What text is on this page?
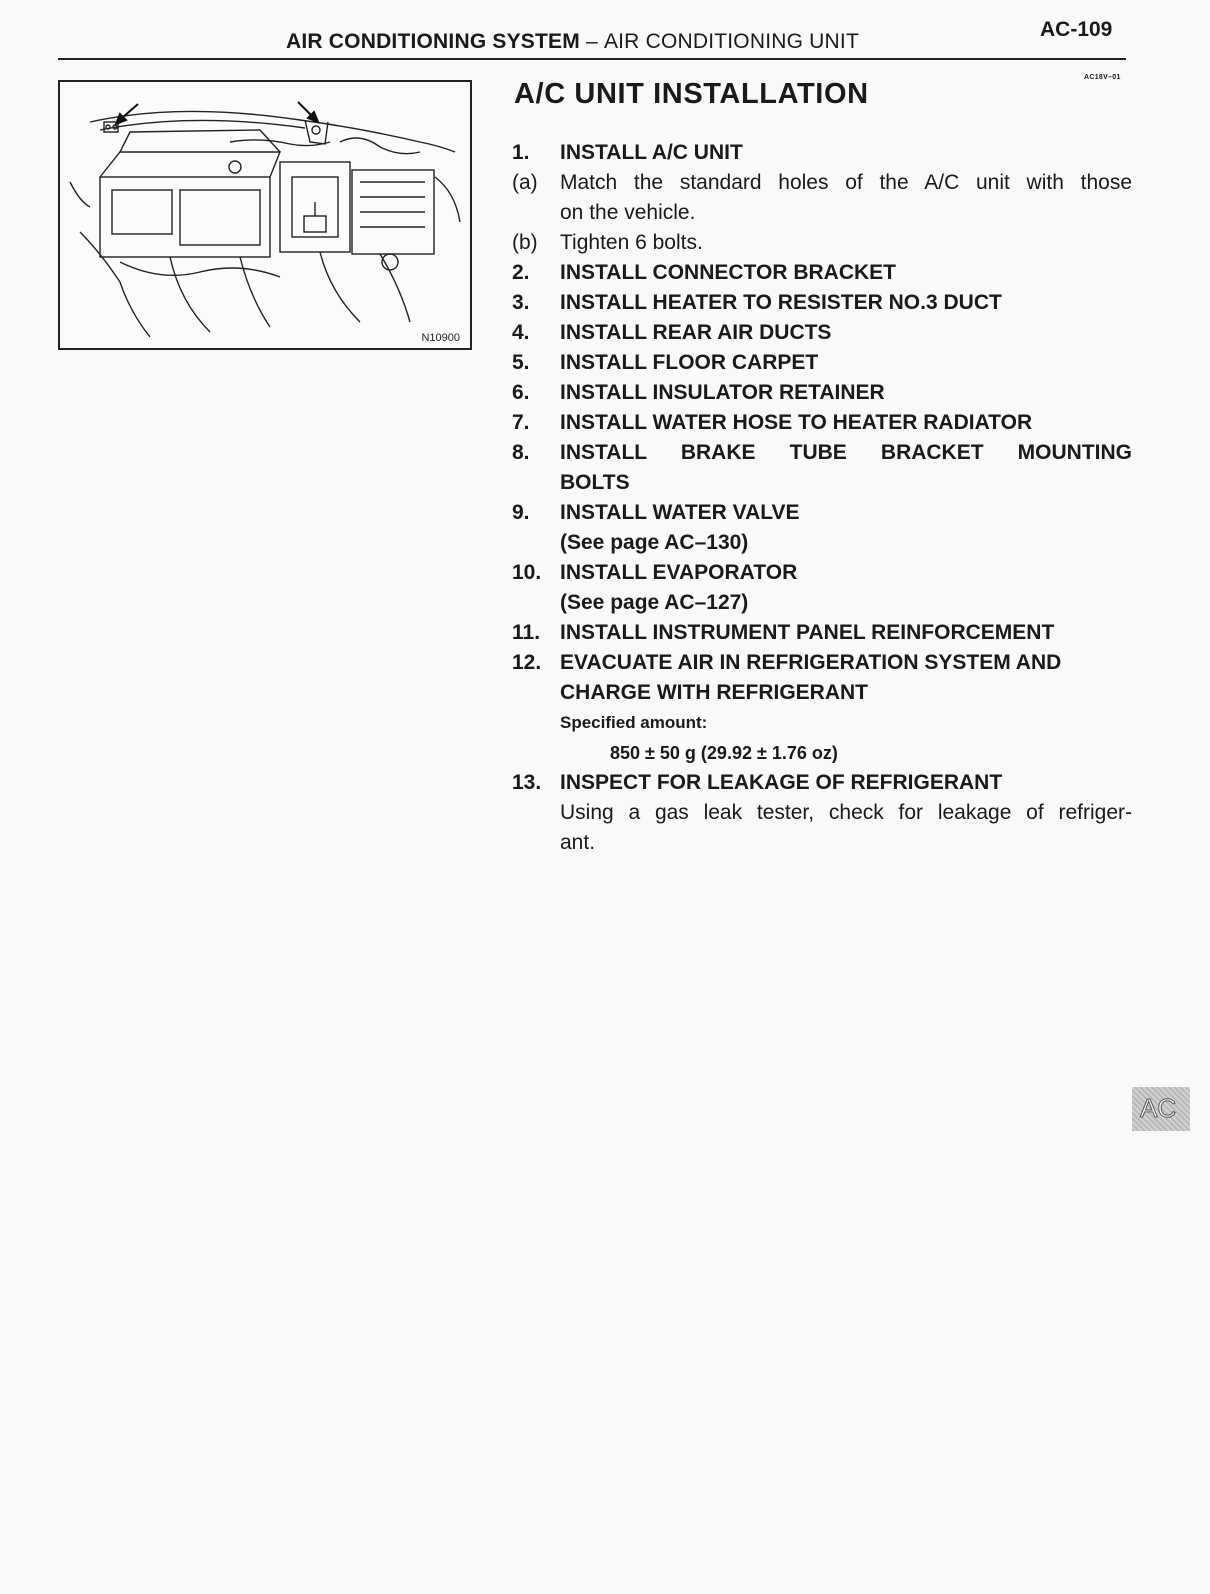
AIR CONDITIONING SYSTEM – AIR CONDITIONING UNIT
AC-109
N10900
AC18V–01
A/C UNIT INSTALLATION
1. INSTALL A/C UNIT
(a) Match the standard holes of the A/C unit with those
on the vehicle.
(b) Tighten 6 bolts.
2. INSTALL CONNECTOR BRACKET
3. INSTALL HEATER TO RESISTER NO.3 DUCT
4. INSTALL REAR AIR DUCTS
5. INSTALL FLOOR CARPET
6. INSTALL INSULATOR RETAINER
7. INSTALL WATER HOSE TO HEATER RADIATOR
8. INSTALL BRAKE TUBE BRACKET MOUNTING
BOLTS
9. INSTALL WATER VALVE
(See page AC–130)
10. INSTALL EVAPORATOR
(See page AC–127)
11. INSTALL INSTRUMENT PANEL REINFORCEMENT
12. EVACUATE AIR IN REFRIGERATION SYSTEM AND
CHARGE WITH REFRIGERANT
Specified amount:
850 ± 50 g (29.92 ± 1.76 oz)
13. INSPECT FOR LEAKAGE OF REFRIGERANT
Using a gas leak tester, check for leakage of refriger-
ant.
AC
